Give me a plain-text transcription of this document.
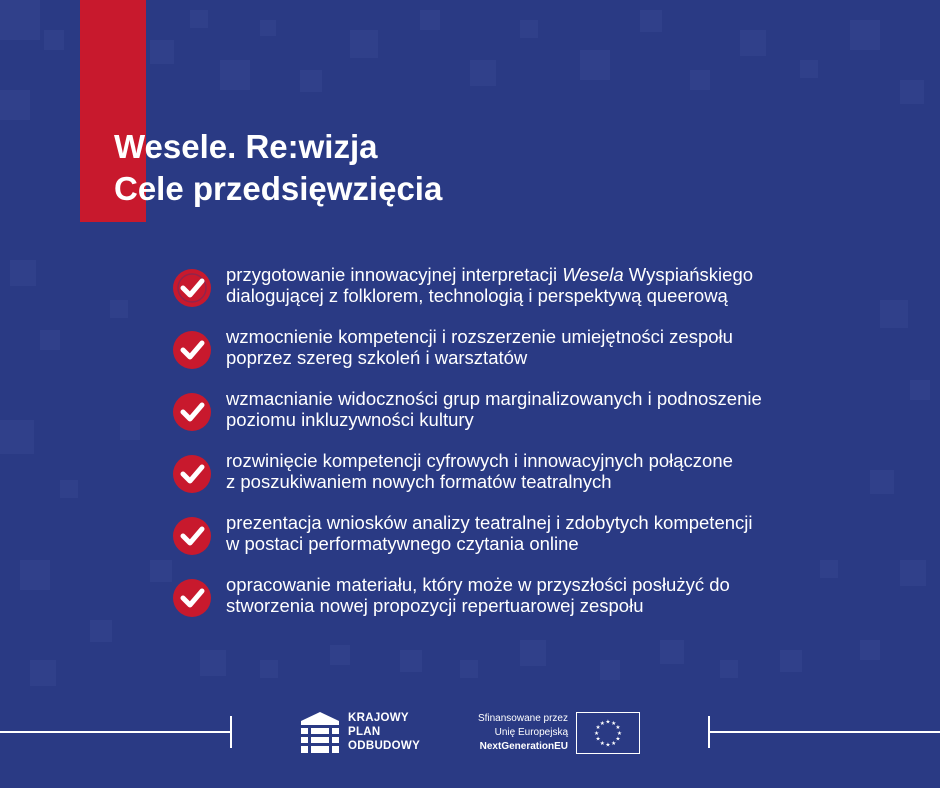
Wesele. Re:wizja
Cele przedsięwzięcia
przygotowanie innowacyjnej interpretacji Wesela Wyspiańskiego
dialogującej z folklorem, technologią i perspektywą queerową
wzmocnienie kompetencji i rozszerzenie umiejętności zespołu
poprzez szereg szkoleń i warsztatów
wzmacnianie widoczności grup marginalizowanych i podnoszenie
poziomu inkluzywności kultury
rozwinięcie kompetencji cyfrowych i innowacyjnych połączone
z poszukiwaniem nowych formatów teatralnych
prezentacja wniosków analizy teatralnej i zdobytych kompetencji
w postaci performatywnego czytania online
opracowanie materiału, który może w przyszłości posłużyć do
stworzenia nowej propozycji repertuarowej zespołu
KRAJOWY
PLAN
ODBUDOWY
Sfinansowane przez
Unię Europejską
NextGenerationEU
★ ★
★
★
★
★
★
★
★
★
★
★
